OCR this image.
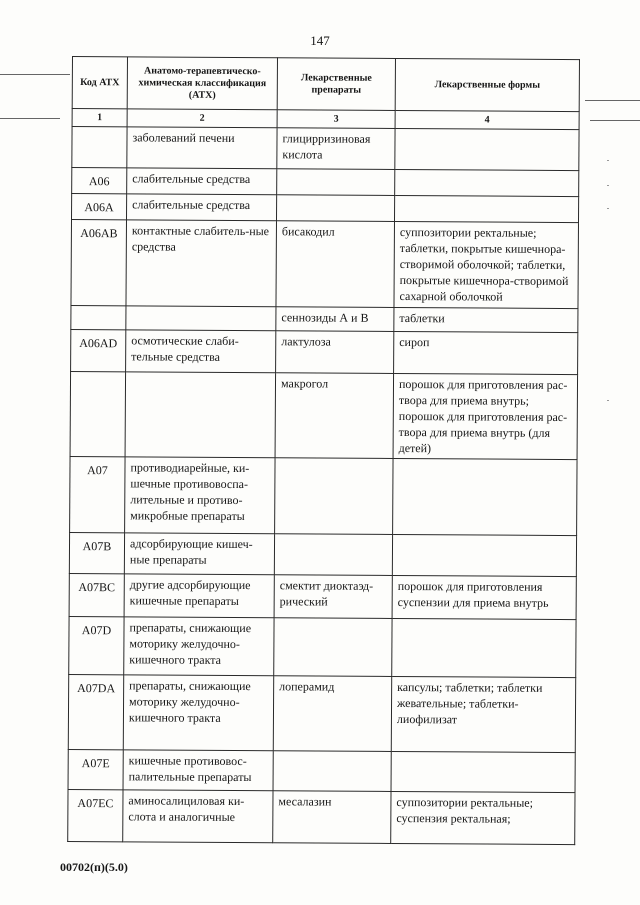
147
Код АТХ	Анатомо-терапевтическо-химическая классификация (АТХ)	Лекарственные препараты	Лекарственные формы
1	2	3	4
	заболеваний печени	глицирризиновая кислота	
A06	слабительные средства		
A06A	слабительные средства		
A06AB	контактные слабитель-ные средства	бисакодил	суппозитории ректальные; таблетки, покрытые кишечнора-створимой оболочкой; таблетки, покрытые кишечнора-створимой сахарной оболочкой
		сеннозиды А и В	таблетки
A06AD	осмотические слаби-тельные средства	лактулоза	сироп
		макрогол	порошок для приготовления рас-твора для приема внутрь; порошок для приготовления рас-твора для приема внутрь (для детей)
A07	противодиарейные, ки-шечные противовоспа-лительные и противо-микробные препараты		
A07B	адсорбирующие кишеч-ные препараты		
A07BC	другие адсорбирующие кишечные препараты	смектит диоктаэд-рический	порошок для приготовления суспензии для приема внутрь
A07D	препараты, снижающие моторику желудочно-кишечного тракта		
A07DA	препараты, снижающие моторику желудочно-кишечного тракта	лоперамид	капсулы; таблетки; таблетки жевательные; таблетки-лиофилизат
A07E	кишечные противовос-палительные препараты		
A07EC	аминосалициловая ки-слота и аналогичные	месалазин	суппозитории ректальные; суспензия ректальная;
00702(п)(5.0)
